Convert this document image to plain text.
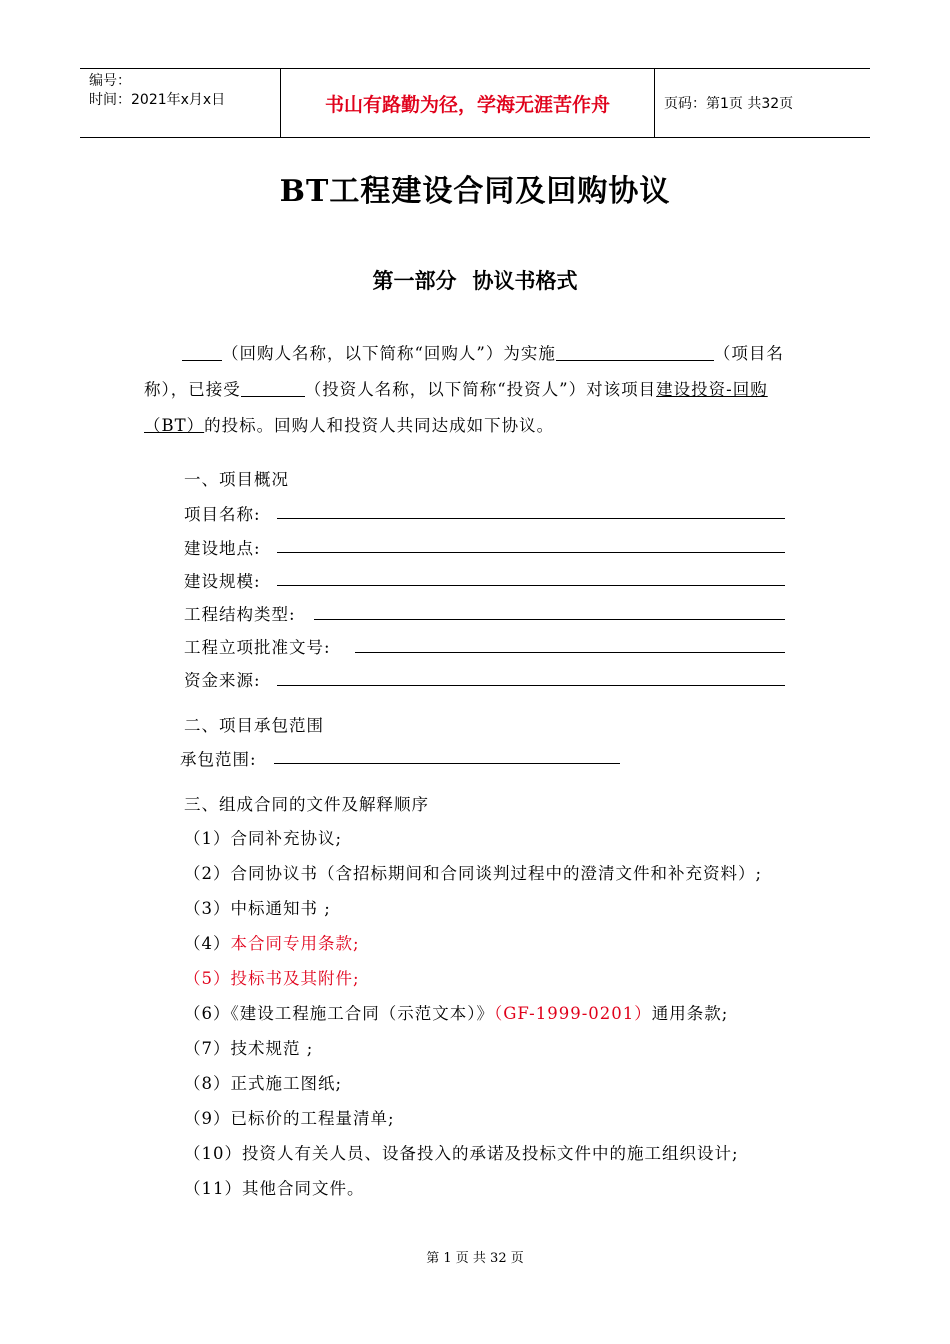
编号：
时间：2021年x月x日	书山有路勤为径，学海无涯苦作舟	页码：第1页 共32页
BT工程建设合同及回购协议
第一部分 协议书格式
（回购人名称，以下简称“回购人”）为实施	（项目名称），已接受	（投资人名称，以下简称“投资人”）对该项目建设投资-回购（BT）的投标。回购人和投资人共同达成如下协议。
一、项目概况
项目名称:
建设地点:
建设规模:
工程结构类型:
工程立项批准文号:
资金来源:
二、项目承包范围
承包范围:
三、组成合同的文件及解释顺序
（1）合同补充协议;
（2）合同协议书（含招标期间和合同谈判过程中的澄清文件和补充资料）;
（3）中标通知书 ;
（4）本合同专用条款;
（5）投标书及其附件;
（6）《建设工程施工合同（示范文本）》（GF-1999-0201）通用条款;
（7）技术规范 ;
（8）正式施工图纸;
（9）已标价的工程量清单;
（10）投资人有关人员、设备投入的承诺及投标文件中的施工组织设计;
（11）其他合同文件。
第 1 页 共 32 页
